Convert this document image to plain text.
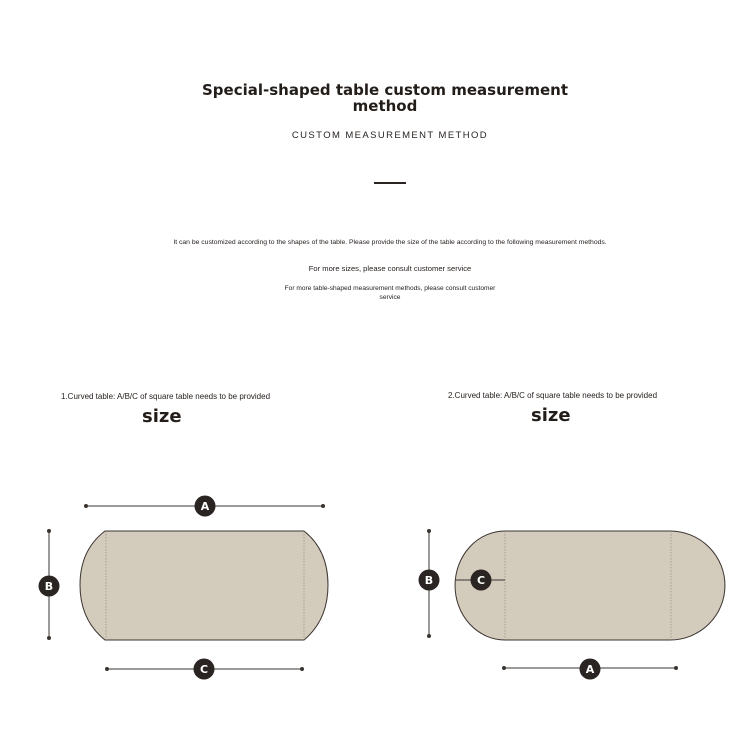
Special-shaped table custom measurement method
CUSTOM MEASUREMENT METHOD
It can be customized according to the shapes of the table. Please provide the size of the table according to the following measurement methods.
For more sizes, please consult customer service
For more table-shaped measurement methods, please consult customer service
1.Curved table: A/B/C of square table needs to be provided
size
2.Curved table: A/B/C of square table needs to be provided
size
A
B
C
C
B
A
